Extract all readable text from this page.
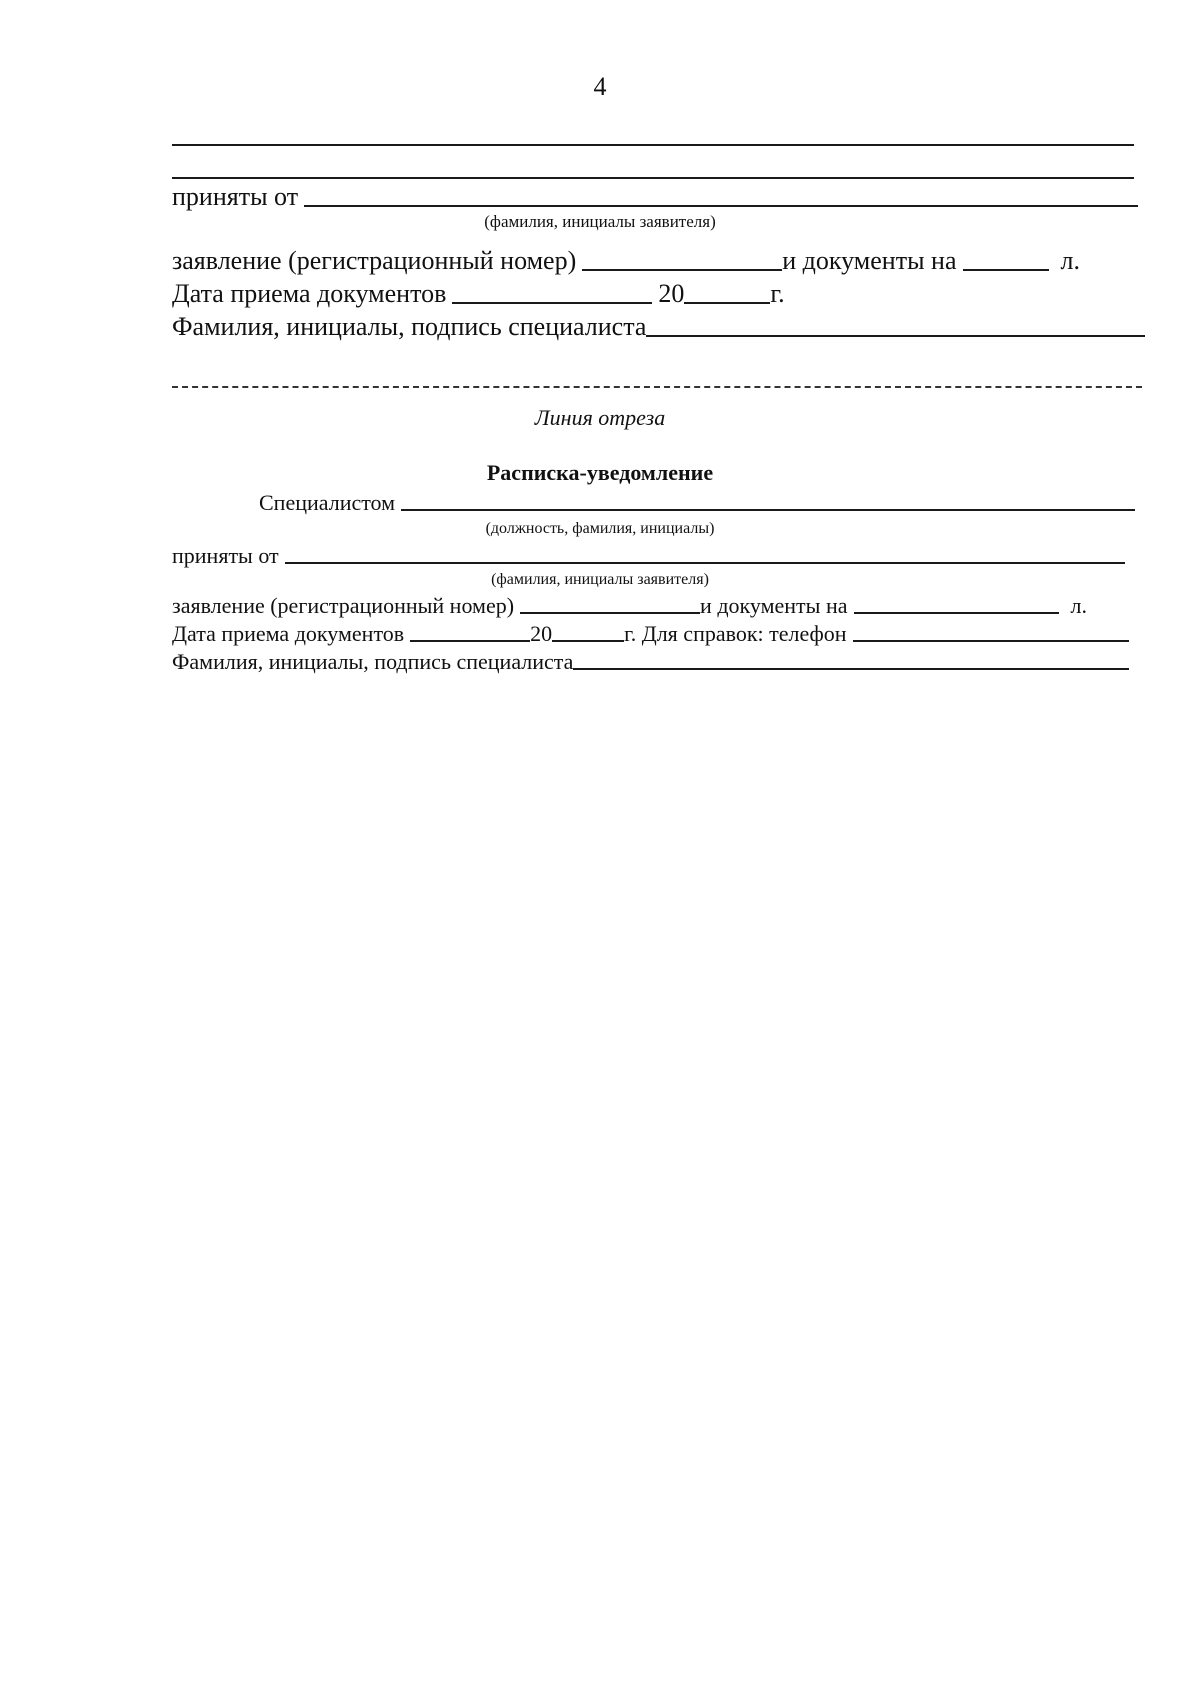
4
приняты от
(фамилия, инициалы заявителя)
заявление (регистрационный номер)	и документы на	л.
Дата приема документов	20	г.
Фамилия, инициалы, подпись специалиста
Линия отреза
Расписка-уведомление
Специалистом
(должность, фамилия, инициалы)
приняты от
(фамилия, инициалы заявителя)
заявление (регистрационный номер)	и документы на	л.
Дата приема документов	20	г. Для справок: телефон
Фамилия, инициалы, подпись специалиста
